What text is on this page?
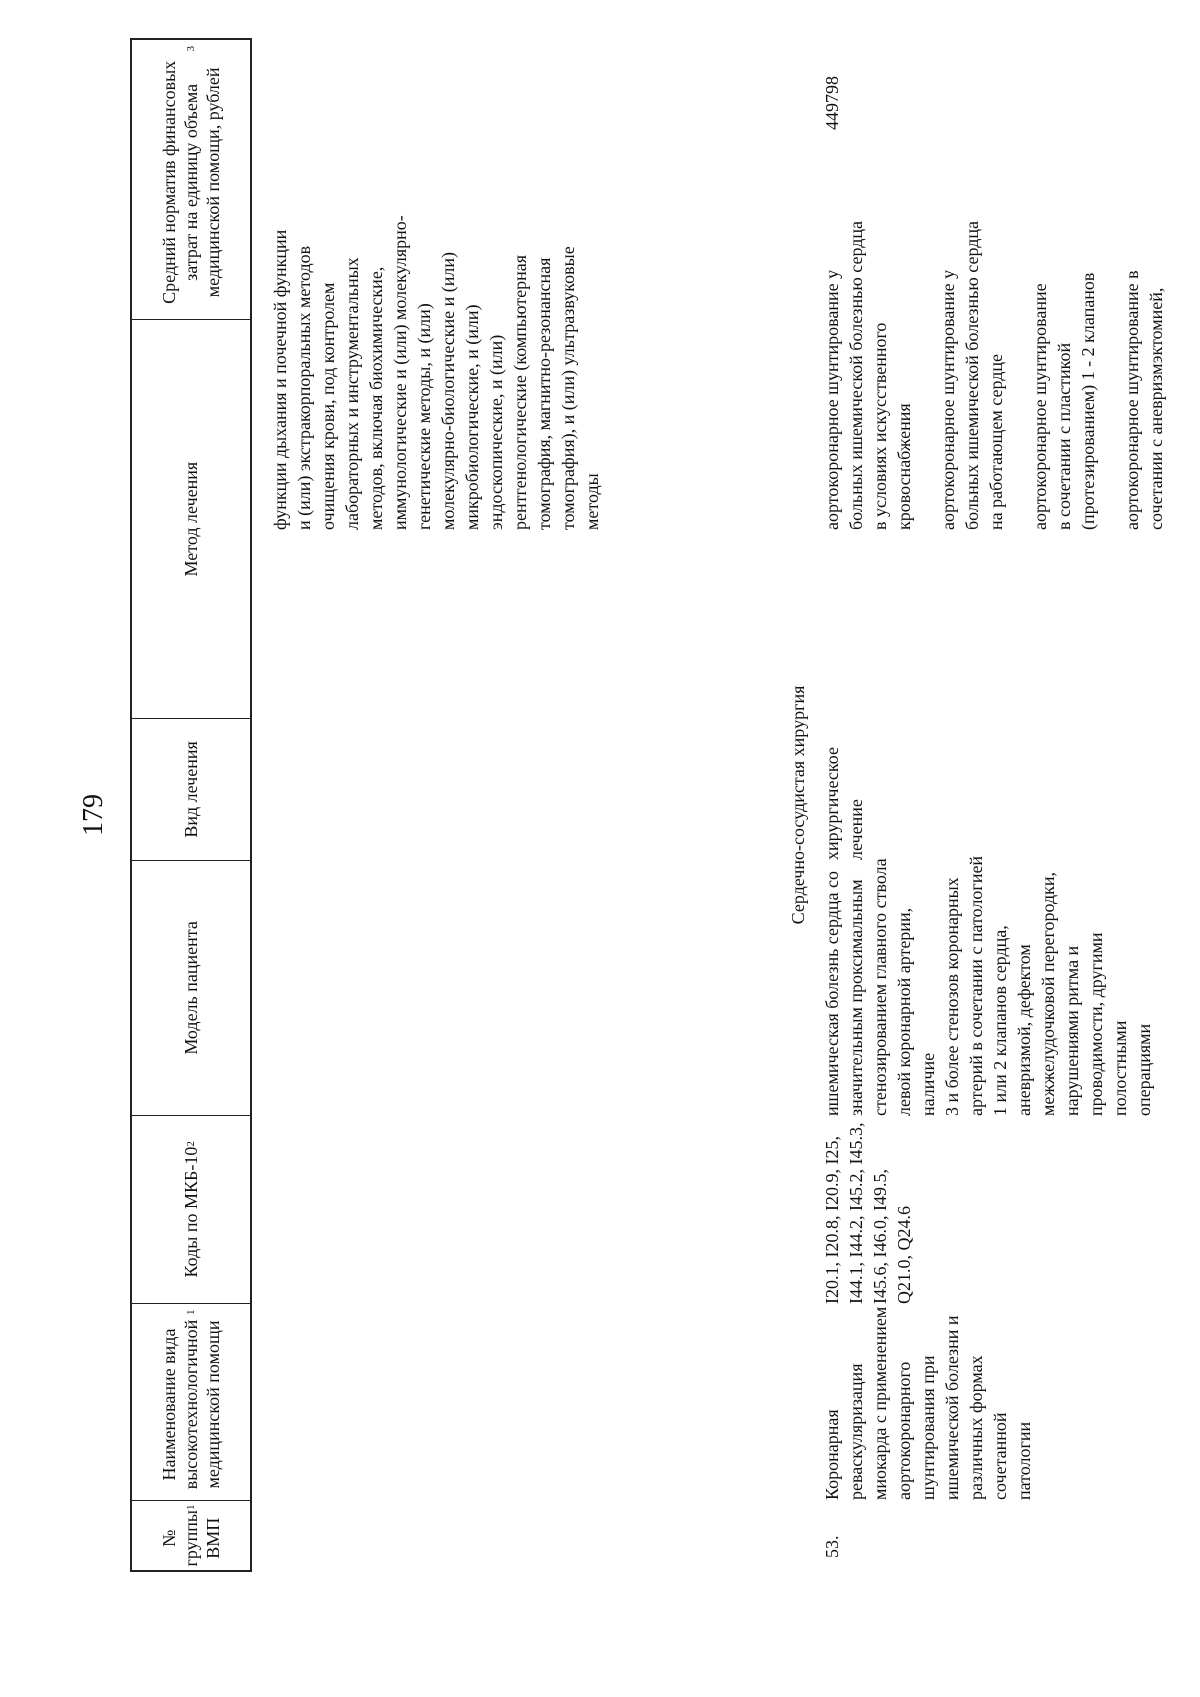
179
№ группы ВМП
1
Наименование вида высокотехнологичной медицинской помощи
1
Коды по МКБ-10
2
Модель пациента
Вид лечения
Метод лечения
Средний норматив финансовых затрат на единицу объема медицинской помощи, рублей
3
функции дыхания и почечной функции
и (или) экстракорпоральных методов
очищения крови, под контролем
лабораторных и инструментальных
методов, включая биохимические,
иммунологические и (или) молекулярно-
генетические методы, и (или)
молекулярно-биологические и (или)
микробиологические, и (или)
эндоскопические, и (или)
рентгенологические (компьютерная
томография, магнитно-резонансная
томография), и (или) ультразвуковые
методы
Сердечно-сосудистая хирургия
53.
Коронарная реваскуляризация
миокарда с применением
аортокоронарного
шунтирования при
ишемической болезни и
различных формах сочетанной
патологии
I20.1, I20.8, I20.9, I25,
I44.1, I44.2, I45.2, I45.3,
I45.6, I46.0, I49.5,
Q21.0, Q24.6
ишемическая болезнь сердца со
значительным проксимальным
стенозированием главного ствола
левой коронарной артерии, наличие
3 и более стенозов коронарных
артерий в сочетании с патологией
1 или 2 клапанов сердца,
аневризмой, дефектом
межжелудочковой перегородки,
нарушениями ритма и
проводимости, другими полостными
операциями
хирургическое
лечение
аортокоронарное шунтирование у
больных ишемической болезнью сердца
в условиях искусственного
кровоснабжения аортокоронарное шунтирование у
больных ишемической болезнью сердца
на работающем сердце
аортокоронарное шунтирование
в сочетании с пластикой
(протезированием) 1 - 2 клапанов
аортокоронарное шунтирование в
сочетании с аневризмэктомией,
449798
